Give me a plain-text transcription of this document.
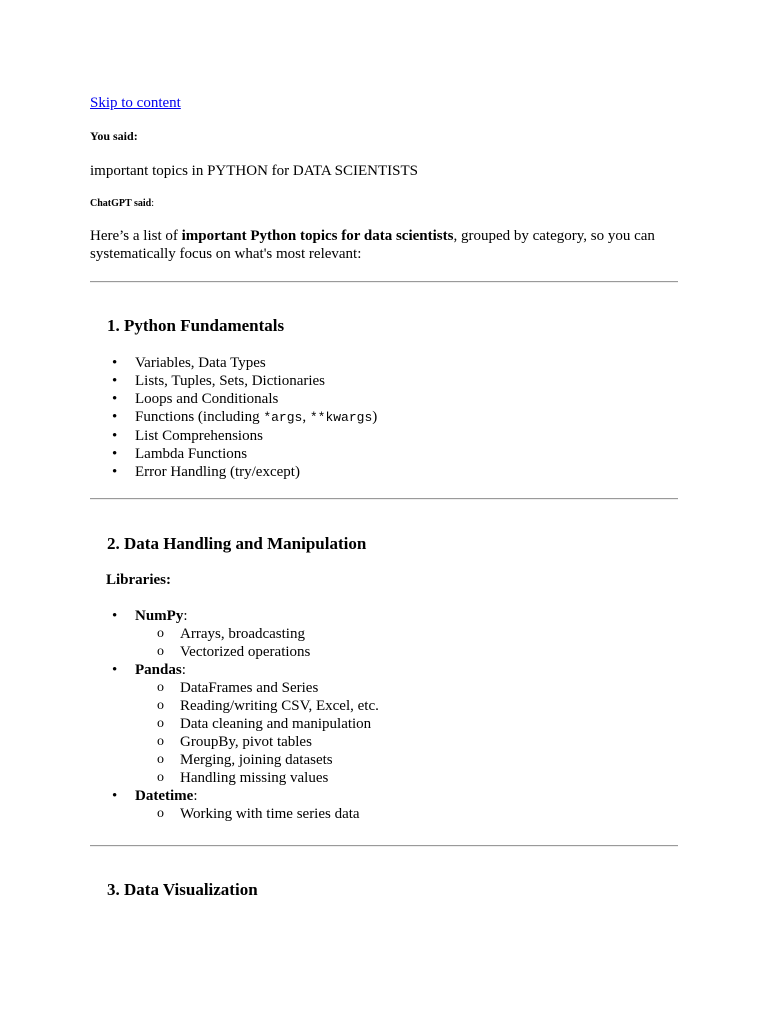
Skip to content
You said:
important topics in PYTHON for DATA SCIENTISTS
ChatGPT said:
Here’s a list of important Python topics for data scientists, grouped by category, so you can systematically focus on what's most relevant:
1. Python Fundamentals
• Variables, Data Types
• Lists, Tuples, Sets, Dictionaries
• Loops and Conditionals
• Functions (including *args, **kwargs)
• List Comprehensions
• Lambda Functions
• Error Handling (try/except)
2. Data Handling and Manipulation
Libraries:
• NumPy:
o Arrays, broadcasting
o Vectorized operations
• Pandas:
o DataFrames and Series
o Reading/writing CSV, Excel, etc.
o Data cleaning and manipulation
o GroupBy, pivot tables
o Merging, joining datasets
o Handling missing values
• Datetime:
o Working with time series data
3. Data Visualization
